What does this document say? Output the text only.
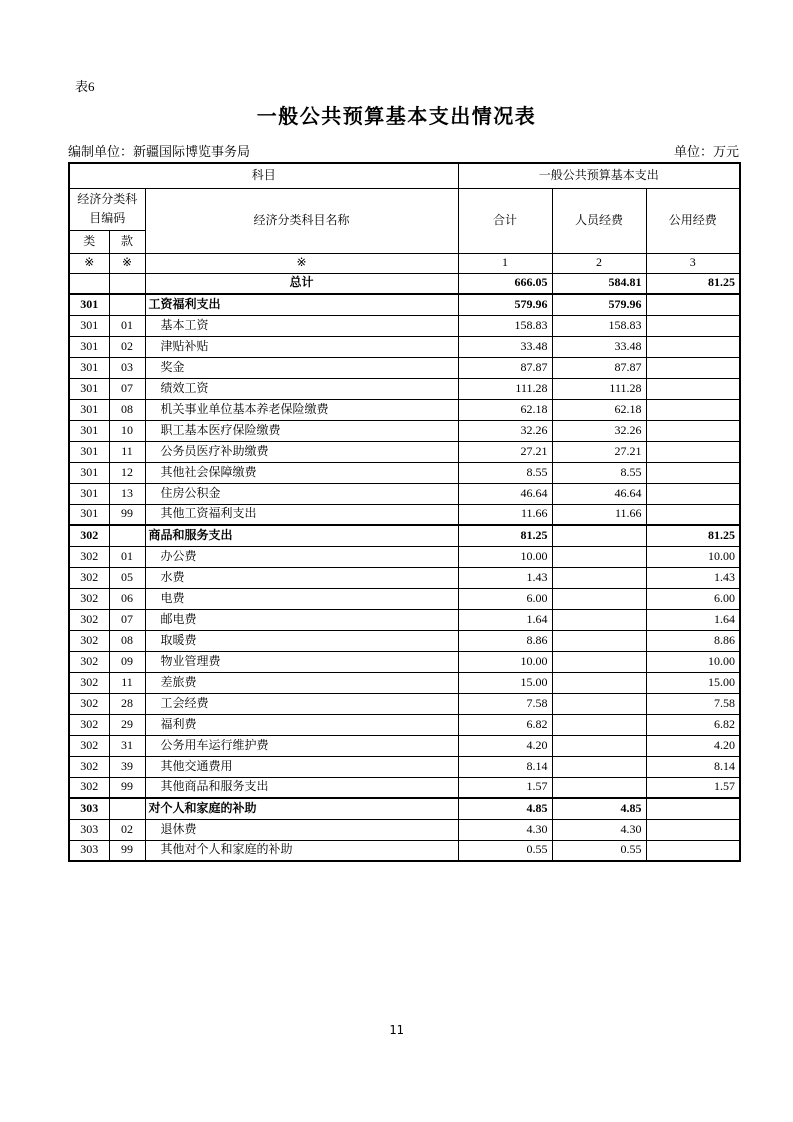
表6
一般公共预算基本支出情况表
编制单位：新疆国际博览事务局	单位：万元
科目			一般公共预算基本支出		
经济分类科目编码		经济分类科目名称	合计	人员经费	公用经费
类	款				
※	※	※	1	2	3
		总计	666.05	584.81	81.25
301		工资福利支出	579.96	579.96	
301	01	基本工资	158.83	158.83	
301	02	津贴补贴	33.48	33.48	
301	03	奖金	87.87	87.87	
301	07	绩效工资	111.28	111.28	
301	08	机关事业单位基本养老保险缴费	62.18	62.18	
301	10	职工基本医疗保险缴费	32.26	32.26	
301	11	公务员医疗补助缴费	27.21	27.21	
301	12	其他社会保障缴费	8.55	8.55	
301	13	住房公积金	46.64	46.64	
301	99	其他工资福利支出	11.66	11.66	
302		商品和服务支出	81.25		81.25
302	01	办公费	10.00		10.00
302	05	水费	1.43		1.43
302	06	电费	6.00		6.00
302	07	邮电费	1.64		1.64
302	08	取暖费	8.86		8.86
302	09	物业管理费	10.00		10.00
302	11	差旅费	15.00		15.00
302	28	工会经费	7.58		7.58
302	29	福利费	6.82		6.82
302	31	公务用车运行维护费	4.20		4.20
302	39	其他交通费用	8.14		8.14
302	99	其他商品和服务支出	1.57		1.57
303		对个人和家庭的补助	4.85	4.85	
303	02	退休费	4.30	4.30	
303	99	其他对个人和家庭的补助	0.55	0.55	
11
